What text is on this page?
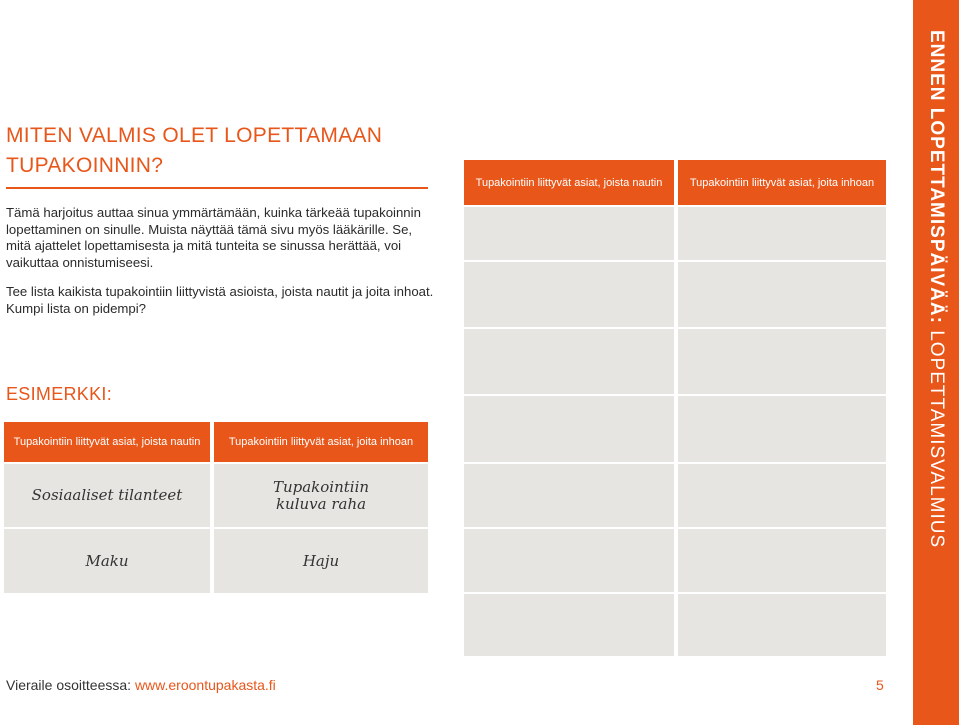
MITEN VALMIS OLET LOPETTAMAAN TUPAKOINNIN?

Tämä harjoitus auttaa sinua ymmärtämään, kuinka tärkeää tupakoinnin lopettaminen on sinulle. Muista näyttää tämä sivu myös lääkärille. Se, mitä ajattelet lopettamisesta ja mitä tunteita se sinussa herättää, voi vaikuttaa onnistumiseesi.

Tee lista kaikista tupakointiin liittyvistä asioista, joista nautit ja joita inhoat. Kumpi lista on pidempi?

ESIMERKKI:
Tupakointiin liittyvät asiat, joista nautin	Tupakointiin liittyvät asiat, joita inhoan
Sosiaaliset tilanteet	Tupakointiin kuluva raha
Maku	Haju
Tupakointiin liittyvät asiat, joista nautin	Tupakointiin liittyvät asiat, joita inhoan	ENNEN LOPETTAMISPÄIVÄÄ: LOPETTAMISVALMIUS
Vieraile osoitteessa: www.eroontupakasta.fi	5
